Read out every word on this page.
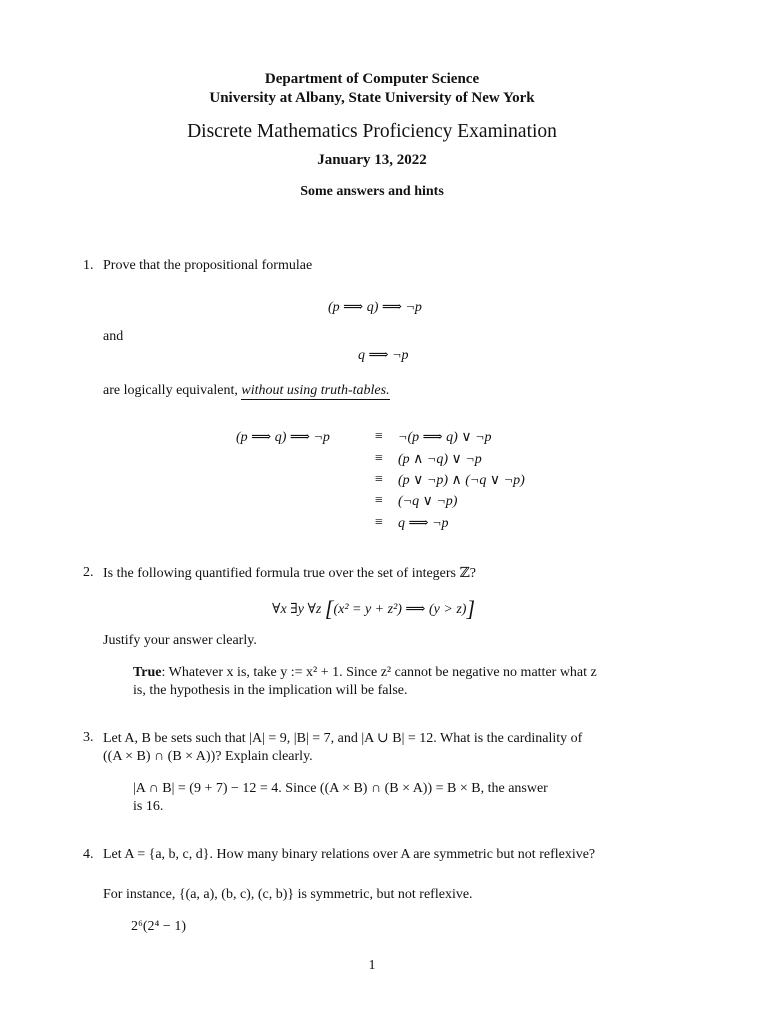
Department of Computer Science
University at Albany, State University of New York
Discrete Mathematics Proficiency Examination
January 13, 2022
Some answers and hints
1. Prove that the propositional formulae
(p ⟹ q) ⟹ ¬p
and
q ⟹ ¬p
are logically equivalent, without using truth-tables.
(p ⟹ q) ⟹ ¬p	≡ ¬(p ⟹ q) ∨ ¬p
≡ (p ∧ ¬q) ∨ ¬p
≡ (p ∨ ¬p) ∧ (¬q ∨ ¬p)
≡ (¬q ∨ ¬p)
≡ q ⟹ ¬p
2. Is the following quantified formula true over the set of integers ℤ?
∀x ∃y ∀z [(x² = y + z²) ⟹ (y > z)]
Justify your answer clearly.
True: Whatever x is, take y := x² + 1. Since z² cannot be negative no matter what z
is, the hypothesis in the implication will be false.
3. Let A, B be sets such that |A| = 9, |B| = 7, and |A ∪ B| = 12. What is the cardinality of
((A × B) ∩ (B × A))? Explain clearly.
|A ∩ B| = (9 + 7) − 12 = 4. Since ((A × B) ∩ (B × A)) = B × B, the answer
is 16.
4. Let A = {a, b, c, d}. How many binary relations over A are symmetric but not reflexive?
For instance, {(a, a), (b, c), (c, b)} is symmetric, but not reflexive.
2⁶(2⁴ − 1)
1
